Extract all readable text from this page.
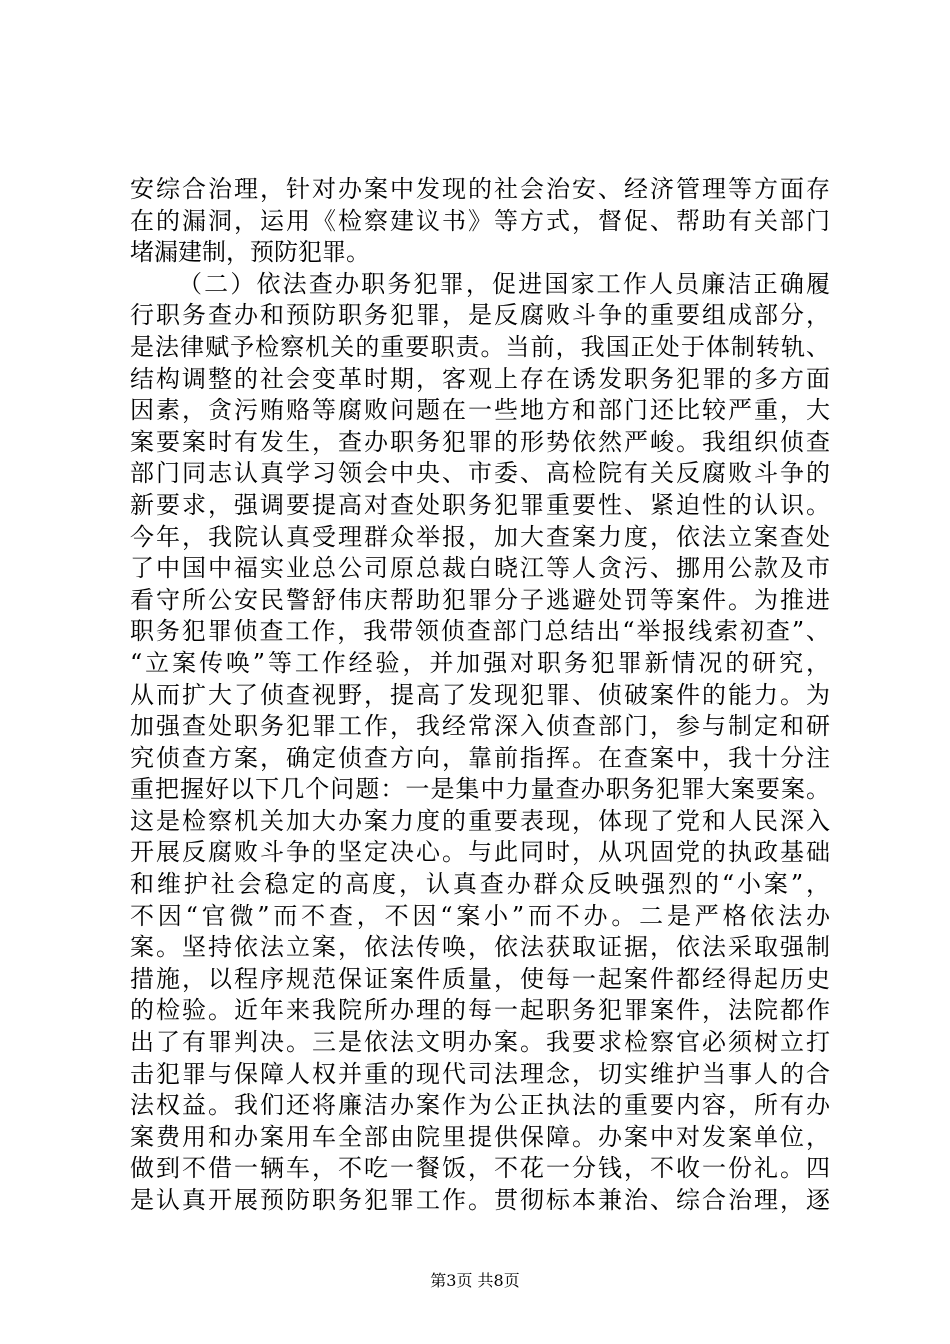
安综合治理，针对办案中发现的社会治安、经济管理等方面存
在的漏洞，运用《检察建议书》等方式，督促、帮助有关部门
堵漏建制，预防犯罪。
（二）依法查办职务犯罪，促进国家工作人员廉洁正确履
行职务查办和预防职务犯罪，是反腐败斗争的重要组成部分，
是法律赋予检察机关的重要职责。当前，我国正处于体制转轨、
结构调整的社会变革时期，客观上存在诱发职务犯罪的多方面
因素，贪污贿赂等腐败问题在一些地方和部门还比较严重，大
案要案时有发生，查办职务犯罪的形势依然严峻。我组织侦查
部门同志认真学习领会中央、市委、高检院有关反腐败斗争的
新要求，强调要提高对查处职务犯罪重要性、紧迫性的认识。
今年，我院认真受理群众举报，加大查案力度，依法立案查处
了中国中福实业总公司原总裁白晓江等人贪污、挪用公款及市
看守所公安民警舒伟庆帮助犯罪分子逃避处罚等案件。为推进
职务犯罪侦查工作，我带领侦查部门总结出“举报线索初查”、
“立案传唤”等工作经验，并加强对职务犯罪新情况的研究，
从而扩大了侦查视野，提高了发现犯罪、侦破案件的能力。为
加强查处职务犯罪工作，我经常深入侦查部门，参与制定和研
究侦查方案，确定侦查方向，靠前指挥。在查案中，我十分注
重把握好以下几个问题：一是集中力量查办职务犯罪大案要案。
这是检察机关加大办案力度的重要表现，体现了党和人民深入
开展反腐败斗争的坚定决心。与此同时，从巩固党的执政基础
和维护社会稳定的高度，认真查办群众反映强烈的“小案”，
不因“官微”而不查，不因“案小”而不办。二是严格依法办
案。坚持依法立案，依法传唤，依法获取证据，依法采取强制
措施，以程序规范保证案件质量，使每一起案件都经得起历史
的检验。近年来我院所办理的每一起职务犯罪案件，法院都作
出了有罪判决。三是依法文明办案。我要求检察官必须树立打
击犯罪与保障人权并重的现代司法理念，切实维护当事人的合
法权益。我们还将廉洁办案作为公正执法的重要内容，所有办
案费用和办案用车全部由院里提供保障。办案中对发案单位，
做到不借一辆车，不吃一餐饭，不花一分钱，不收一份礼。四
是认真开展预防职务犯罪工作。贯彻标本兼治、综合治理，逐
第3页 共8页
